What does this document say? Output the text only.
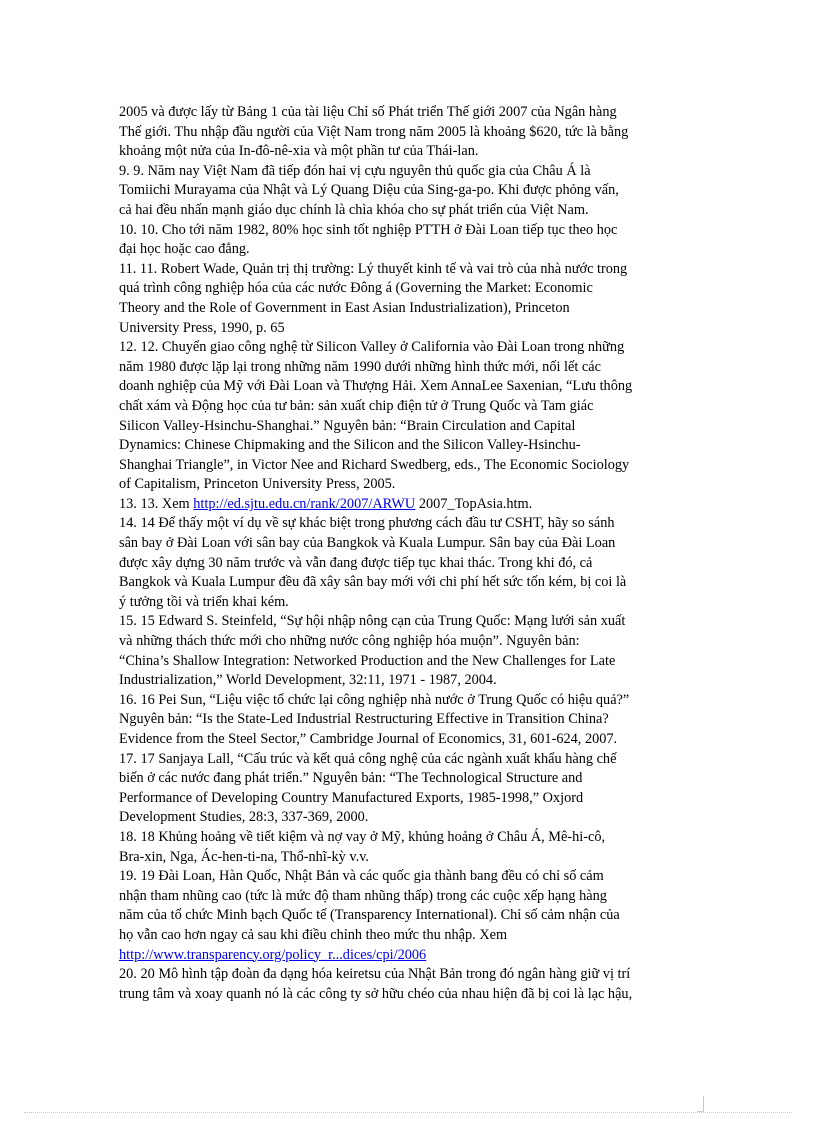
2005 và được lấy từ Bảng 1 của tài liệu Chỉ số Phát triển Thế giới 2007 của Ngân hàng
Thế giới. Thu nhập đầu người của Việt Nam trong năm 2005 là khoảng $620, tức là bằng
khoảng một nửa của In-đô-nê-xia và một phần tư của Thái-lan.
9. 9. Năm nay Việt Nam đã tiếp đón hai vị cựu nguyên thủ quốc gia của Châu Á là
Tomiichi Murayama của Nhật và Lý Quang Diệu của Sing-ga-po. Khi được phỏng vấn,
cả hai đều nhấn mạnh giáo dục chính là chìa khóa cho sự phát triển của Việt Nam.
10. 10. Cho tới năm 1982, 80% học sinh tốt nghiệp PTTH ở Đài Loan tiếp tục theo học
đại học hoặc cao đẳng.
11. 11. Robert Wade, Quản trị thị trường: Lý thuyết kinh tế và vai trò của nhà nước trong
quá trình công nghiệp hóa của các nước Đông á (Governing the Market: Economic
Theory and the Role of Government in East Asian Industrialization), Princeton
University Press, 1990, p. 65
12. 12. Chuyển giao công nghệ từ Silicon Valley ở California vào Đài Loan trong những
năm 1980 được lặp lại trong những năm 1990 dưới những hình thức mới, nối lết các
doanh nghiệp của Mỹ với Đài Loan và Thượng Hải. Xem AnnaLee Saxenian, “Lưu thông
chất xám và Động học của tư bản: sản xuất chip điện tử ở Trung Quốc và Tam giác
Silicon Valley-Hsinchu-Shanghai.” Nguyên bản: “Brain Circulation and Capital
Dynamics: Chinese Chipmaking and the Silicon and the Silicon Valley-Hsinchu-
Shanghai Triangle”, in Victor Nee and Richard Swedberg, eds., The Economic Sociology
of Capitalism, Princeton University Press, 2005.
13. 13. Xem http://ed.sjtu.edu.cn/rank/2007/ARWU 2007_TopAsia.htm.
14. 14 Để thấy một ví dụ về sự khác biệt trong phương cách đầu tư CSHT, hãy so sánh
sân bay ở Đài Loan với sân bay của Bangkok và Kuala Lumpur. Sân bay của Đài Loan
được xây dựng 30 năm trước và vẫn đang được tiếp tục khai thác. Trong khi đó, cả
Bangkok và Kuala Lumpur đều đã xây sân bay mới với chi phí hết sức tốn kém, bị coi là
ý tưởng tồi và triển khai kém.
15. 15 Edward S. Steinfeld, “Sự hội nhập nông cạn của Trung Quốc: Mạng lưới sản xuất
và những thách thức mới cho những nước công nghiệp hóa muộn”. Nguyên bản:
“China’s Shallow Integration: Networked Production and the New Challenges for Late
Industrialization,” World Development, 32:11, 1971 - 1987, 2004.
16. 16 Pei Sun, “Liệu việc tổ chức lại công nghiệp nhà nước ở Trung Quốc có hiệu quả?”
Nguyên bản: “Is the State-Led Industrial Restructuring Effective in Transition China?
Evidence from the Steel Sector,” Cambridge Journal of Economics, 31, 601-624, 2007.
17. 17 Sanjaya Lall, “Cấu trúc và kết quả công nghệ của các ngành xuất khẩu hàng chế
biến ở các nước đang phát triển.” Nguyên bản: “The Technological Structure and
Performance of Developing Country Manufactured Exports, 1985-1998,” Oxjord
Development Studies, 28:3, 337-369, 2000.
18. 18 Khủng hoảng về tiết kiệm và nợ vay ở Mỹ, khủng hoảng ở Châu Á, Mê-hi-cô,
Bra-xin, Nga, Ác-hen-ti-na, Thổ-nhĩ-kỳ v.v.
19. 19 Đài Loan, Hàn Quốc, Nhật Bản và các quốc gia thành bang đều có chỉ số cảm
nhận tham nhũng cao (tức là mức độ tham nhũng thấp) trong các cuộc xếp hạng hàng
năm của tổ chức Minh bạch Quốc tế (Transparency International). Chỉ số cảm nhận của
họ vẫn cao hơn ngay cả sau khi điều chỉnh theo mức thu nhập. Xem
http://www.transparency.org/policy_r...dices/cpi/2006
20. 20 Mô hình tập đoàn đa dạng hóa keiretsu của Nhật Bản trong đó ngân hàng giữ vị trí
trung tâm và xoay quanh nó là các công ty sở hữu chéo của nhau hiện đã bị coi là lạc hậu,
